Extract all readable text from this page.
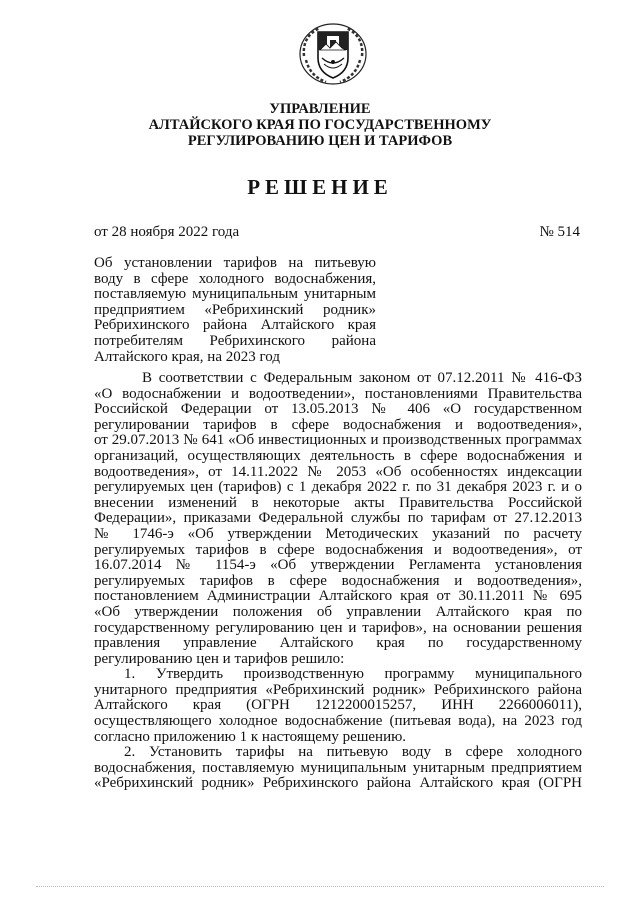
УПРАВЛЕНИЕ
АЛТАЙСКОГО КРАЯ ПО ГОСУДАРСТВЕННОМУ
РЕГУЛИРОВАНИЮ ЦЕН И ТАРИФОВ
РЕШЕНИЕ
от 28 ноября 2022 года	№ 514
Об установлении тарифов на питьевую
воду в сфере холодного водоснабжения,
поставляемую муниципальным унитарным
предприятием «Ребрихинский родник»
Ребрихинского района Алтайского края
потребителям Ребрихинского района
Алтайского края, на 2023 год
В соответствии с Федеральным законом от 07.12.2011 № 416-ФЗ
«О водоснабжении и водоотведении», постановлениями Правительства
Российской Федерации от 13.05.2013 № 406 «О государственном
регулировании тарифов в сфере водоснабжения и водоотведения»,
от 29.07.2013 № 641 «Об инвестиционных и производственных программах
организаций, осуществляющих деятельность в сфере водоснабжения и
водоотведения», от 14.11.2022 № 2053 «Об особенностях индексации
регулируемых цен (тарифов) с 1 декабря 2022 г. по 31 декабря 2023 г. и о
внесении изменений в некоторые акты Правительства Российской
Федерации», приказами Федеральной службы по тарифам от 27.12.2013
№ 1746-э «Об утверждении Методических указаний по расчету
регулируемых тарифов в сфере водоснабжения и водоотведения», от
16.07.2014 № 1154-э «Об утверждении Регламента установления
регулируемых тарифов в сфере водоснабжения и водоотведения»,
постановлением Администрации Алтайского края от 30.11.2011 № 695
«Об утверждении положения об управлении Алтайского края по
государственному регулированию цен и тарифов», на основании решения
правления управление Алтайского края по государственному
регулированию цен и тарифов решило:
1. Утвердить производственную программу муниципального
унитарного предприятия «Ребрихинский родник» Ребрихинского района
Алтайского края (ОГРН 1212200015257, ИНН 2266006011),
осуществляющего холодное водоснабжение (питьевая вода), на 2023 год
согласно приложению 1 к настоящему решению.
2. Установить тарифы на питьевую воду в сфере холодного
водоснабжения, поставляемую муниципальным унитарным предприятием
«Ребрихинский родник» Ребрихинского района Алтайского края (ОГРН
